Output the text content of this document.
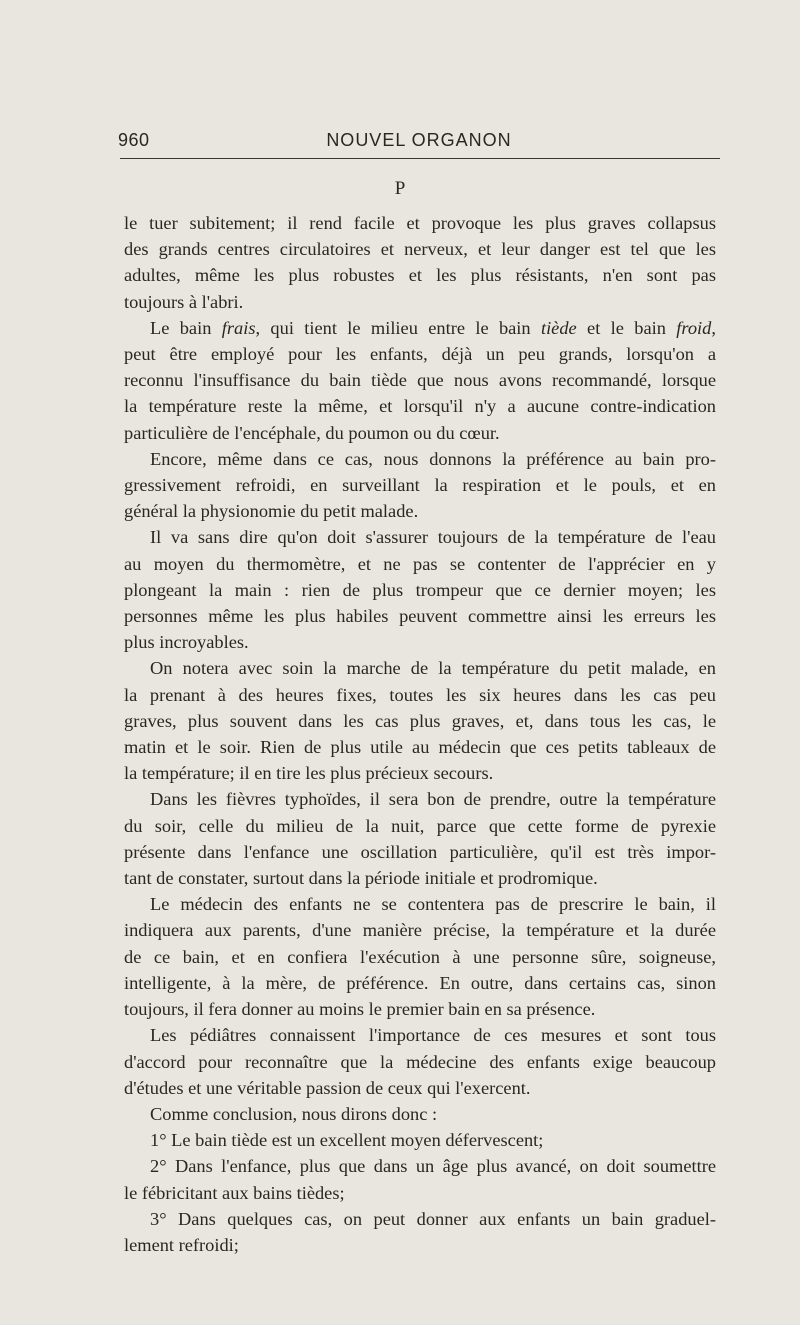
960	NOUVEL ORGANON
P
le tuer subitement; il rend facile et provoque les plus graves collapsus
des grands centres circulatoires et nerveux, et leur danger est tel que les
adultes, même les plus robustes et les plus résistants, n'en sont pas
toujours à l'abri.
Le bain frais, qui tient le milieu entre le bain tiède et le bain froid,
peut être employé pour les enfants, déjà un peu grands, lorsqu'on a
reconnu l'insuffisance du bain tiède que nous avons recommandé, lorsque
la température reste la même, et lorsqu'il n'y a aucune contre-indication
particulière de l'encéphale, du poumon ou du cœur.
Encore, même dans ce cas, nous donnons la préférence au bain pro-
gressivement refroidi, en surveillant la respiration et le pouls, et en
général la physionomie du petit malade.
Il va sans dire qu'on doit s'assurer toujours de la température de l'eau
au moyen du thermomètre, et ne pas se contenter de l'apprécier en y
plongeant la main : rien de plus trompeur que ce dernier moyen; les
personnes même les plus habiles peuvent commettre ainsi les erreurs les
plus incroyables.
On notera avec soin la marche de la température du petit malade, en
la prenant à des heures fixes, toutes les six heures dans les cas peu
graves, plus souvent dans les cas plus graves, et, dans tous les cas, le
matin et le soir. Rien de plus utile au médecin que ces petits tableaux de
la température; il en tire les plus précieux secours.
Dans les fièvres typhoïdes, il sera bon de prendre, outre la température
du soir, celle du milieu de la nuit, parce que cette forme de pyrexie
présente dans l'enfance une oscillation particulière, qu'il est très impor-
tant de constater, surtout dans la période initiale et prodromique.
Le médecin des enfants ne se contentera pas de prescrire le bain, il
indiquera aux parents, d'une manière précise, la température et la durée
de ce bain, et en confiera l'exécution à une personne sûre, soigneuse,
intelligente, à la mère, de préférence. En outre, dans certains cas, sinon
toujours, il fera donner au moins le premier bain en sa présence.
Les pédiâtres connaissent l'importance de ces mesures et sont tous
d'accord pour reconnaître que la médecine des enfants exige beaucoup
d'études et une véritable passion de ceux qui l'exercent.
Comme conclusion, nous dirons donc :
1° Le bain tiède est un excellent moyen défervescent;
2° Dans l'enfance, plus que dans un âge plus avancé, on doit soumettre
le fébricitant aux bains tièdes;
3° Dans quelques cas, on peut donner aux enfants un bain graduel-
lement refroidi;
